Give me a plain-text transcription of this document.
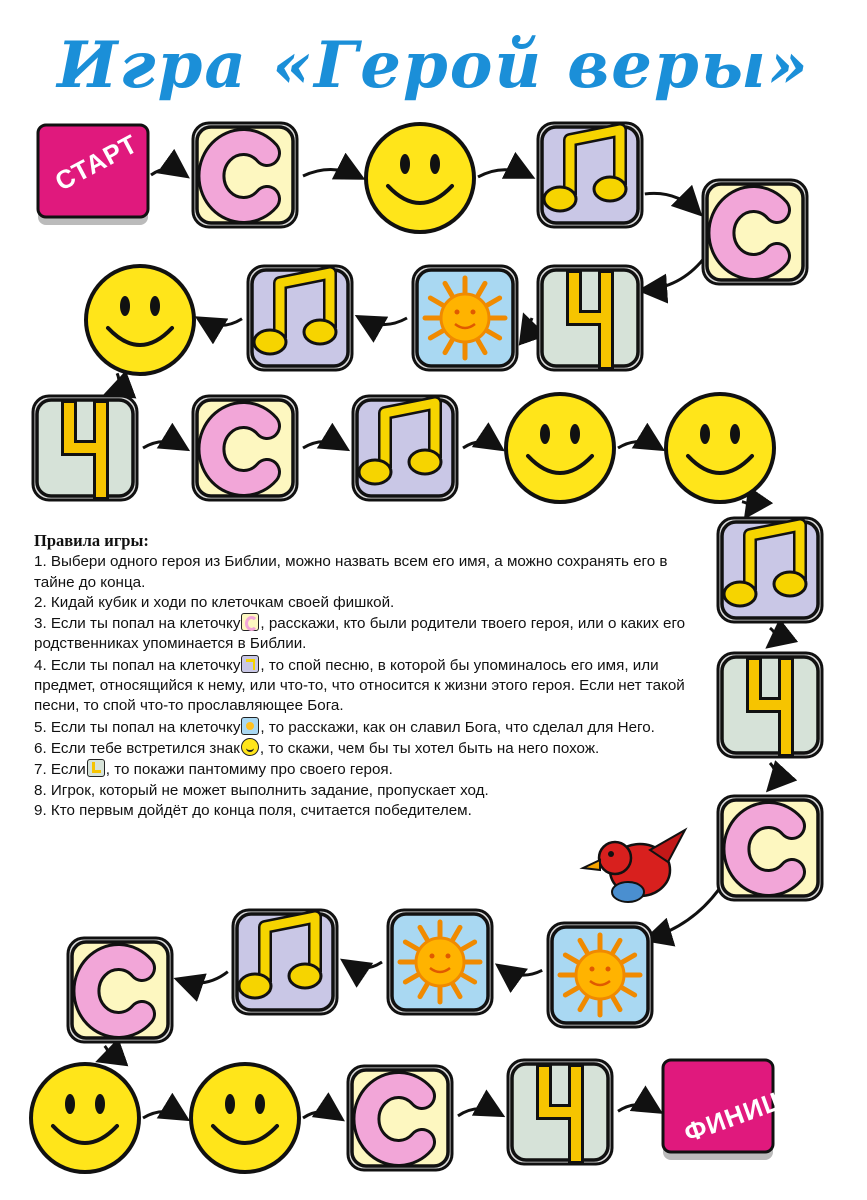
Игра «Герой веры»
СТАРТ
ФИНИШ
Правила игры:

1. Выбери одного героя из Библии, можно назвать всем его имя, а можно сохранять его в тайне до конца.

2. Кидай кубик и ходи по клеточкам своей фишкой.

3. Если ты попал на клеточку , расскажи, кто были родители твоего героя, или о каких его родственниках упоминается в Библии.

4. Если ты попал на клеточку , то спой песню, в которой бы упоминалось его имя, или предмет, относящийся к нему, или что-то, что относится к жизни этого героя. Если нет такой песни, то спой что-то прославляющее Бога.

5. Если ты попал на клеточку , то расскажи, как он славил Бога, что сделал для Него.

6. Если тебе встретился знак , то скажи, чем бы ты хотел быть на него похож.

7. Если , то покажи пантомиму про своего героя.

8. Игрок, который не может выполнить задание, пропускает ход.

9. Кто первым дойдёт до конца поля, считается победителем.
